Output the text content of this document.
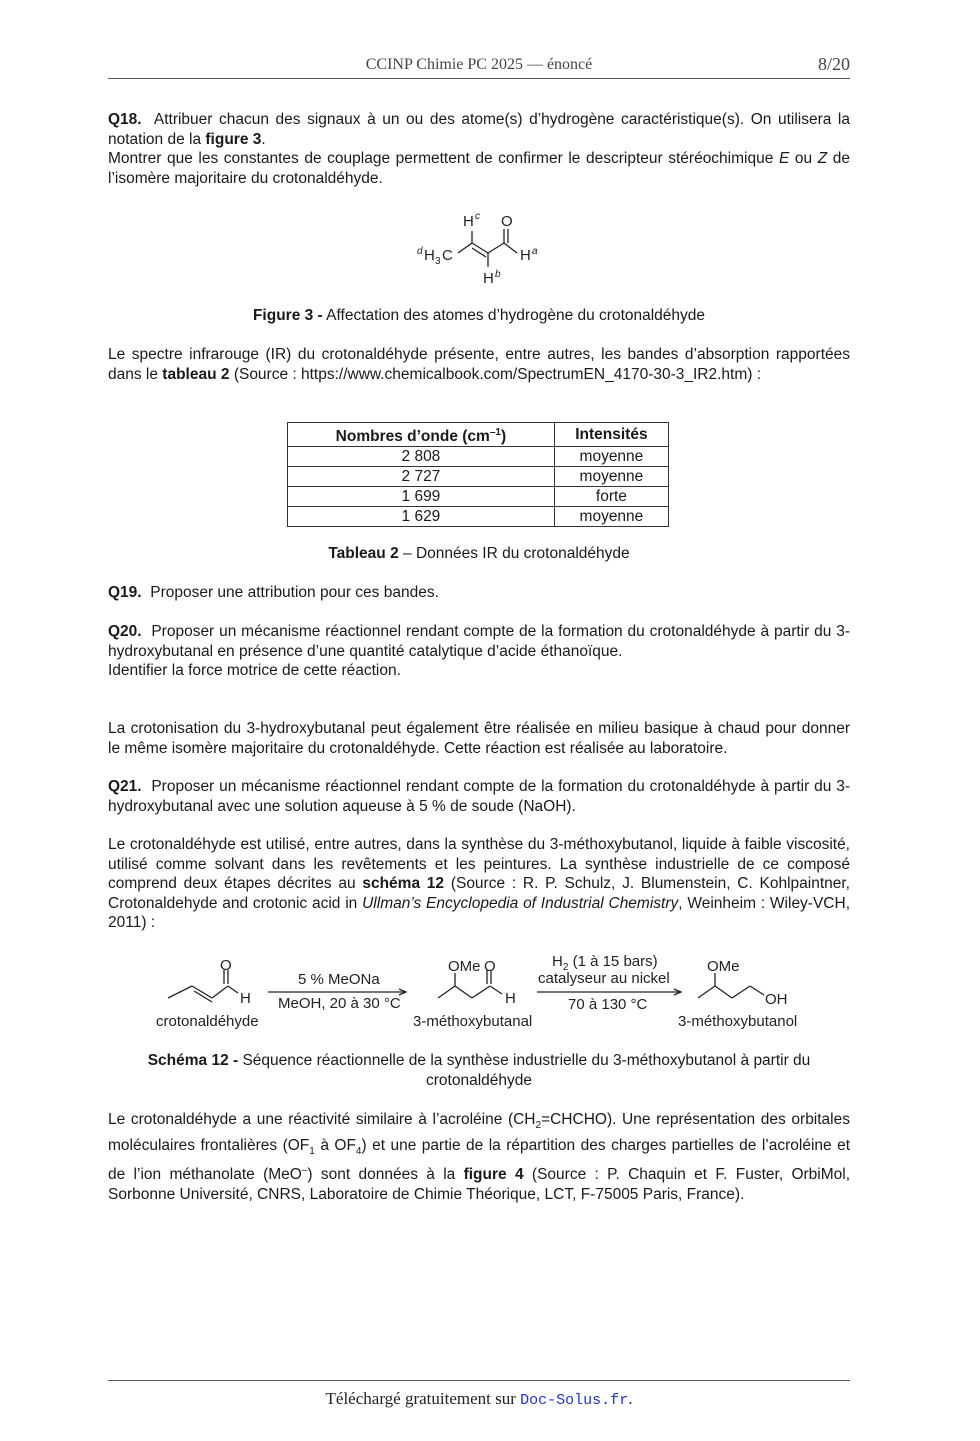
CCINP Chimie PC 2025 — énoncé	8/20
Q18. Attribuer chacun des signaux à un ou des atome(s) d’hydrogène caractéristique(s). On utilisera la notation de la figure 3.
Montrer que les constantes de couplage permettent de confirmer le descripteur stéréochimique E ou Z de l’isomère majoritaire du crotonaldéhyde.
H c O
d H 3 C	H a
H b
Figure 3 - Affectation des atomes d’hydrogène du crotonaldéhyde
Le spectre infrarouge (IR) du crotonaldéhyde présente, entre autres, les bandes d’absorption rapportées dans le tableau 2 (Source : https://www.chemicalbook.com/SpectrumEN_4170-30-3_IR2.htm) :
Nombres d’onde $(cm^{-1})$	Intensités
2 808	moyenne
2 727	moyenne
1 699	forte
1 629	moyenne
Tableau 2 – Données IR du crotonaldéhyde
Q19. Proposer une attribution pour ces bandes.
Q20. Proposer un mécanisme réactionnel rendant compte de la formation du crotonaldéhyde à partir du 3-hydroxybutanal en présence d’une quantité catalytique d’acide éthanoïque.
Identifier la force motrice de cette réaction.
La crotonisation du 3-hydroxybutanal peut également être réalisée en milieu basique à chaud pour donner le même isomère majoritaire du crotonaldéhyde. Cette réaction est réalisée au laboratoire.
Q21. Proposer un mécanisme réactionnel rendant compte de la formation du crotonaldéhyde à partir du 3-hydroxybutanal avec une solution aqueuse à 5 % de soude (NaOH).
Le crotonaldéhyde est utilisé, entre autres, dans la synthèse du 3-méthoxybutanol, liquide à faible viscosité, utilisé comme solvant dans les revêtements et les peintures. La synthèse industrielle de ce composé comprend deux étapes décrites au schéma 12 (Source : R. P. Schulz, J. Blumenstein, C. Kohlpaintner, Crotonaldehyde and crotonic acid in Ullman’s Encyclopedia of Industrial Chemistry, Weinheim : Wiley-VCH, 2011) :
O
H
crotonaldéhyde
5 % MeONa
MeOH, 20 à 30 °C
OMe O
H
3-méthoxybutanal
$H_2$ (1 à 15 bars)
catalyseur au nickel
70 à 130 °C
OMe
OH
3-méthoxybutanol
Schéma 12 - Séquence réactionnelle de la synthèse industrielle du 3-méthoxybutanol à partir du
crotonaldéhyde
Le crotonaldéhyde a une réactivité similaire à l’acroléine $(CH_2=CHCHO)$. Une représentation des orbitales moléculaires frontalières ($OF_1$ à $OF_4$) et une partie de la répartition des charges partielles de l’acroléine et de l’ion méthanolate (MeO–) sont données à la figure 4 (Source : P. Chaquin et F. Fuster, OrbiMol, Sorbonne Université, CNRS, Laboratoire de Chimie Théorique, LCT, F-75005 Paris, France).
Téléchargé gratuitement sur Doc-Solus.fr.
